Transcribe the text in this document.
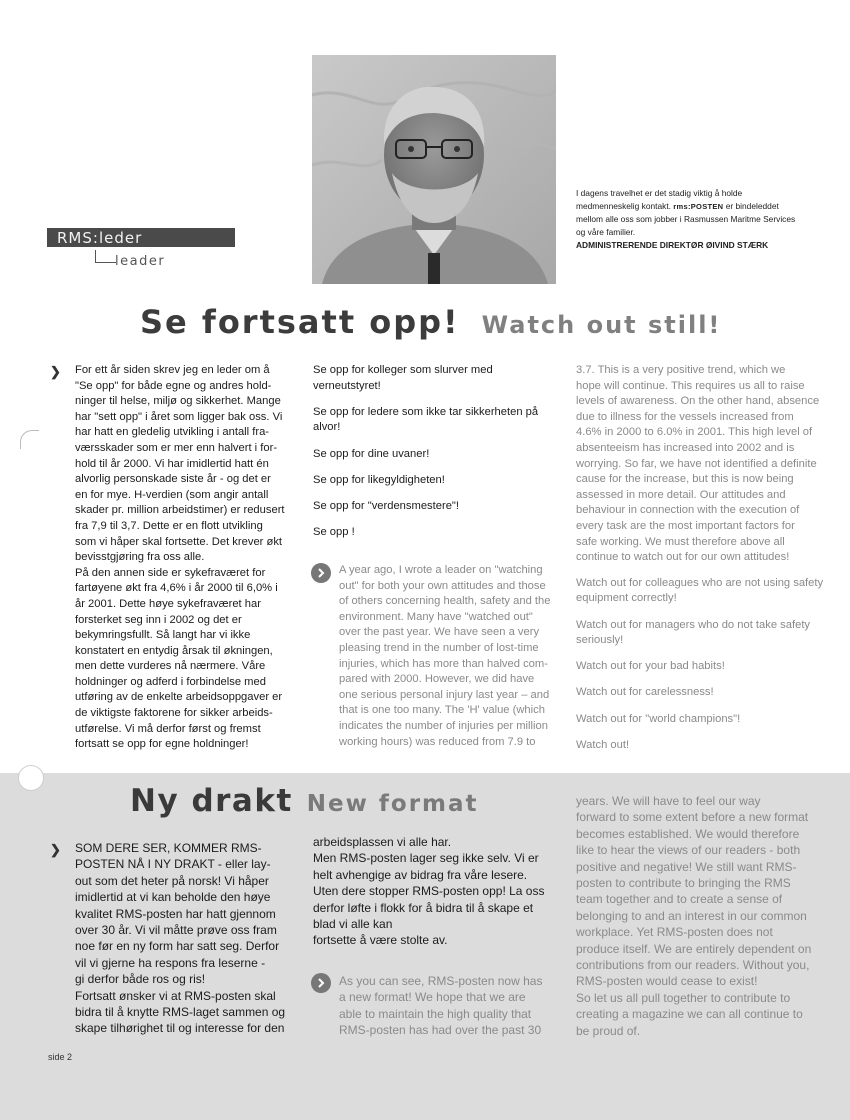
RMS:leder
leader
I dagens travelhet er det stadig viktig å holde
medmenneskelig kontakt. rms:POSTEN er bindeleddet
mellom alle oss som jobber i Rasmussen Maritme Services
og våre familier.
ADMINISTRERENDE DIREKTØR ØIVIND STÆRK
Se fortsatt opp! Watch out still!
❯ For ett år siden skrev jeg en leder om å
"Se opp" for både egne og andres hold-
ninger til helse, miljø og sikkerhet. Mange
har "sett opp" i året som ligger bak oss. Vi
har hatt en gledelig utvikling i antall fra-
værsskader som er mer enn halvert i for-
hold til år 2000. Vi har imidlertid hatt én
alvorlig personskade siste år - og det er
en for mye. H-verdien (som angir antall
skader pr. million arbeidstimer) er redusert
fra 7,9 til 3,7. Dette er en flott utvikling
som vi håper skal fortsette. Det krever økt
bevisstgjøring fra oss alle.
På den annen side er sykefraværet for
fartøyene økt fra 4,6% i år 2000 til 6,0% i
år 2001. Dette høye sykefraværet har
forsterket seg inn i 2002 og det er
bekymringsfullt. Så langt har vi ikke
konstatert en entydig årsak til økningen,
men dette vurderes nå nærmere. Våre
holdninger og adferd i forbindelse med
utføring av de enkelte arbeidsoppgaver er
de viktigste faktorene for sikker arbeids-
utførelse. Vi må derfor først og fremst
fortsatt se opp for egne holdninger!

Se opp for kolleger som slurver med verneutstyret!

Se opp for ledere som ikke tar sikkerheten på alvor!

Se opp for dine uvaner!

Se opp for likegyldigheten!

Se opp for "verdensmestere"!

Se opp !

A year ago, I wrote a leader on "watching
out" for both your own attitudes and those
of others concerning health, safety and the
environment. Many have "watched out"
over the past year. We have seen a very
pleasing trend in the number of lost-time
injuries, which has more than halved com-
pared with 2000. However, we did have
one serious personal injury last year – and
that is one too many. The 'H' value (which
indicates the number of injuries per million
working hours) was reduced from 7.9 to
3.7. This is a very positive trend, which we
hope will continue. This requires us all to raise
levels of awareness. On the other hand, absence
due to illness for the vessels increased from
4.6% in 2000 to 6.0% in 2001. This high level of
absenteeism has increased into 2002 and is
worrying. So far, we have not identified a definite
cause for the increase, but this is now being
assessed in more detail. Our attitudes and
behaviour in connection with the execution of
every task are the most important factors for
safe working. We must therefore above all
continue to watch out for our own attitudes!

Watch out for colleagues who are not using safety equipment correctly!

Watch out for managers who do not take safety seriously!

Watch out for your bad habits!

Watch out for carelessness!

Watch out for "world champions"!

Watch out!

Ny drakt New format
❯ SOM DERE SER, KOMMER RMS-
POSTEN NÅ I NY DRAKT - eller lay-
out som det heter på norsk! Vi håper
imidlertid at vi kan beholde den høye
kvalitet RMS-posten har hatt gjennom
over 30 år. Vi vil måtte prøve oss fram
noe før en ny form har satt seg. Derfor
vil vi gjerne ha respons fra leserne -
gi derfor både ros og ris!
Fortsatt ønsker vi at RMS-posten skal
bidra til å knytte RMS-laget sammen og
skape tilhørighet til og interesse for den
arbeidsplassen vi alle har.
Men RMS-posten lager seg ikke selv. Vi er
helt avhengige av bidrag fra våre lesere.
Uten dere stopper RMS-posten opp! La oss
derfor løfte i flokk for å bidra til å skape et
blad vi alle kan
fortsette å være stolte av.
As you can see, RMS-posten now has
a new format! We hope that we are
able to maintain the high quality that
RMS-posten has had over the past 30
years. We will have to feel our way
forward to some extent before a new format
becomes established. We would therefore
like to hear the views of our readers - both
positive and negative! We still want RMS-
posten to contribute to bringing the RMS
team together and to create a sense of
belonging to and an interest in our common
workplace. Yet RMS-posten does not
produce itself. We are entirely dependent on
contributions from our readers. Without you,
RMS-posten would cease to exist!
So let us all pull together to contribute to
creating a magazine we can all continue to
be proud of.
side 2
